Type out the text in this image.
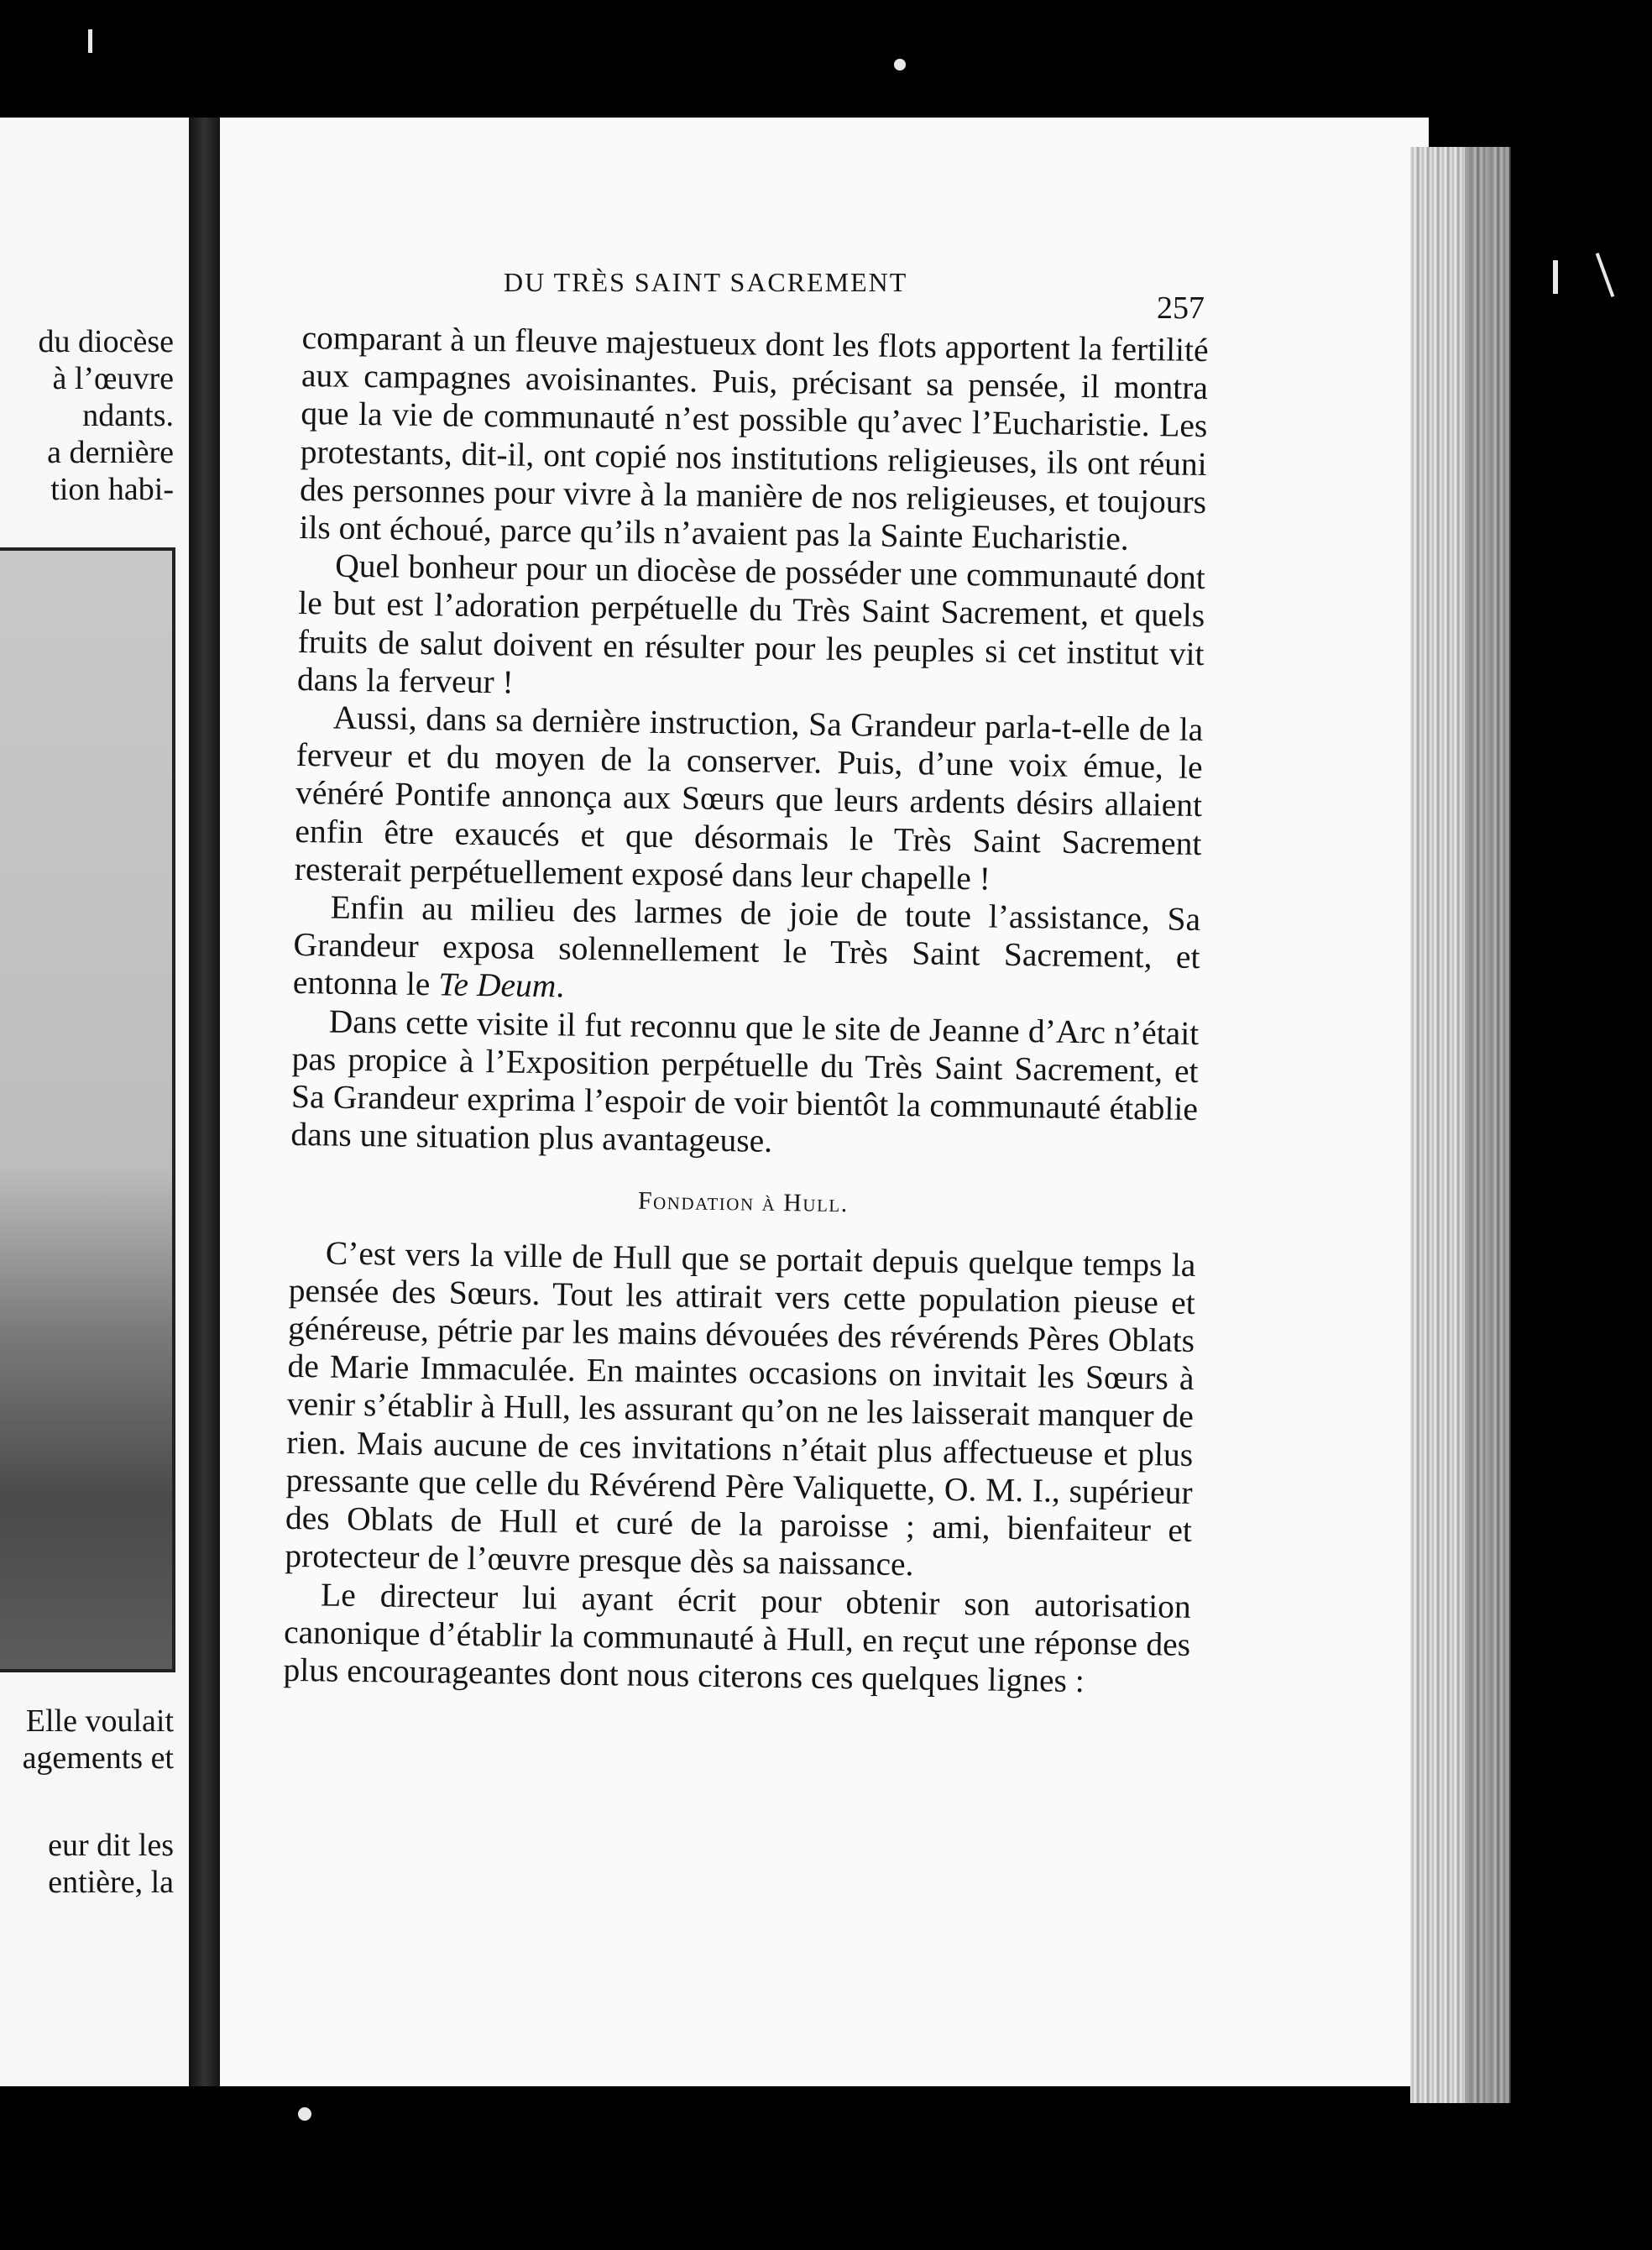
du diocèse
à l’œuvre
ndants.
a dernière
tion habi-
Elle voulait
agements et
eur dit les
entière, la
DU TRÈS SAINT SACREMENT
257

comparant à un fleuve majestueux dont les flots apportent la fertilité aux campagnes avoisinantes. Puis, précisant sa pensée, il montra que la vie de communauté n’est possible qu’avec l’Eucharistie. Les protestants, dit-il, ont copié nos institutions religieuses, ils ont réuni des personnes pour vivre à la manière de nos religieuses, et toujours ils ont échoué, parce qu’ils n’avaient pas la Sainte Eucharistie.

Quel bonheur pour un diocèse de posséder une communauté dont le but est l’adoration perpétuelle du Très Saint Sacrement, et quels fruits de salut doivent en résulter pour les peuples si cet institut vit dans la ferveur !

Aussi, dans sa dernière instruction, Sa Grandeur parla-t-elle de la ferveur et du moyen de la conserver. Puis, d’une voix émue, le vénéré Pontife annonça aux Sœurs que leurs ardents désirs allaient enfin être exaucés et que désormais le Très Saint Sacrement resterait perpétuellement exposé dans leur chapelle !

Enfin au milieu des larmes de joie de toute l’assistance, Sa Grandeur exposa solennellement le Très Saint Sacrement, et entonna le Te Deum.

Dans cette visite il fut reconnu que le site de Jeanne d’Arc n’était pas propice à l’Exposition perpétuelle du Très Saint Sacrement, et Sa Grandeur exprima l’espoir de voir bientôt la communauté établie dans une situation plus avantageuse.

Fondation à Hull.

C’est vers la ville de Hull que se portait depuis quelque temps la pensée des Sœurs. Tout les attirait vers cette population pieuse et généreuse, pétrie par les mains dévouées des révérends Pères Oblats de Marie Immaculée. En maintes occasions on invitait les Sœurs à venir s’établir à Hull, les assurant qu’on ne les laisserait manquer de rien. Mais aucune de ces invitations n’était plus affectueuse et plus pressante que celle du Révérend Père Valiquette, O. M. I., supérieur des Oblats de Hull et curé de la paroisse ; ami, bienfaiteur et protecteur de l’œuvre presque dès sa naissance.

Le directeur lui ayant écrit pour obtenir son autorisation canonique d’établir la communauté à Hull, en reçut une réponse des plus encourageantes dont nous citerons ces quelques lignes :
